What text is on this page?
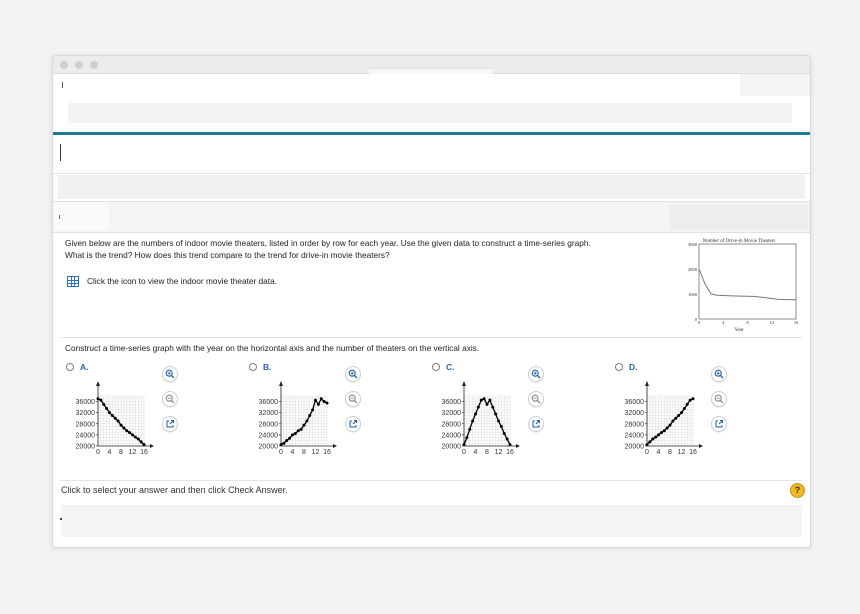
Given below are the numbers of indoor movie theaters, listed in order by row for each year. Use the given data to construct a time-series graph. What is the trend? How does this trend compare to the trend for drive-in movie theaters?

Click the icon to view the indoor movie theater data.
Number of Drive-in Movie Theaters
0
1000
2000
3000
0	4	8	12	16
Year
Construct a time-series graph with the year on the horizontal axis and the number of theaters on the vertical axis.
A.
36000
32000
28000
24000
20000
0 4 8 12 16
B.
36000
32000
28000
24000
20000
0 4 8 12 16
C.
36000
32000
28000
24000
20000
0 4 8 12 16
D.
36000
32000
28000
24000
20000
0 4 8 12 16
Click to select your answer and then click Check Answer.	?
